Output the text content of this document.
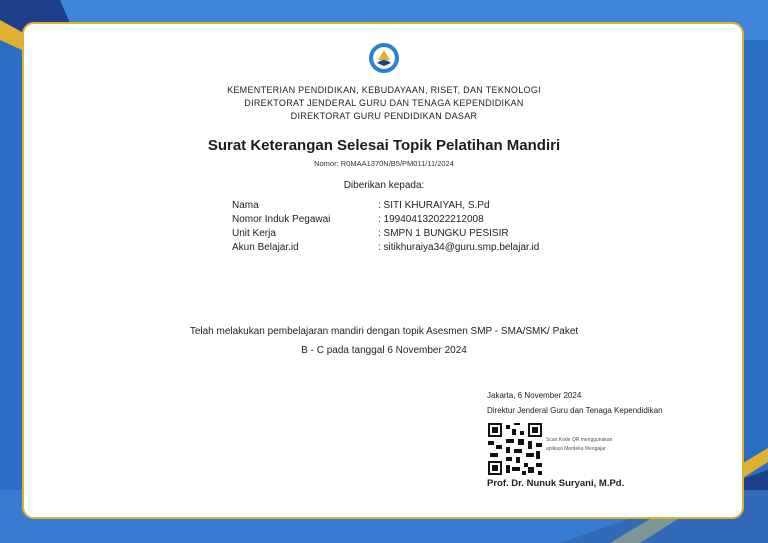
KEMENTERIAN PENDIDIKAN, KEBUDAYAAN, RISET, DAN TEKNOLOGI
DIREKTORAT JENDERAL GURU DAN TENAGA KEPENDIDIKAN
DIREKTORAT GURU PENDIDIKAN DASAR
Surat Keterangan Selesai Topik Pelatihan Mandiri
Nomor: R0MAA1370N/B5/PM011/11/2024
Diberikan kepada:
Nama	: SITI KHURAIYAH, S.Pd
Nomor Induk Pegawai	: 199404132022212008
Unit Kerja	: SMPN 1 BUNGKU PESISIR
Akun Belajar.id	: sitikhuraiya34@guru.smp.belajar.id
Telah melakukan pembelajaran mandiri dengan topik Asesmen SMP - SMA/SMK/ Paket
B - C pada tanggal 6 November 2024
Jakarta, 6 November 2024
Direktur Jenderal Guru dan Tenaga Kependidikan
Scan Kode QR menggunakan
aplikasi Merdeka Mengajar
Prof. Dr. Nunuk Suryani, M.Pd.
